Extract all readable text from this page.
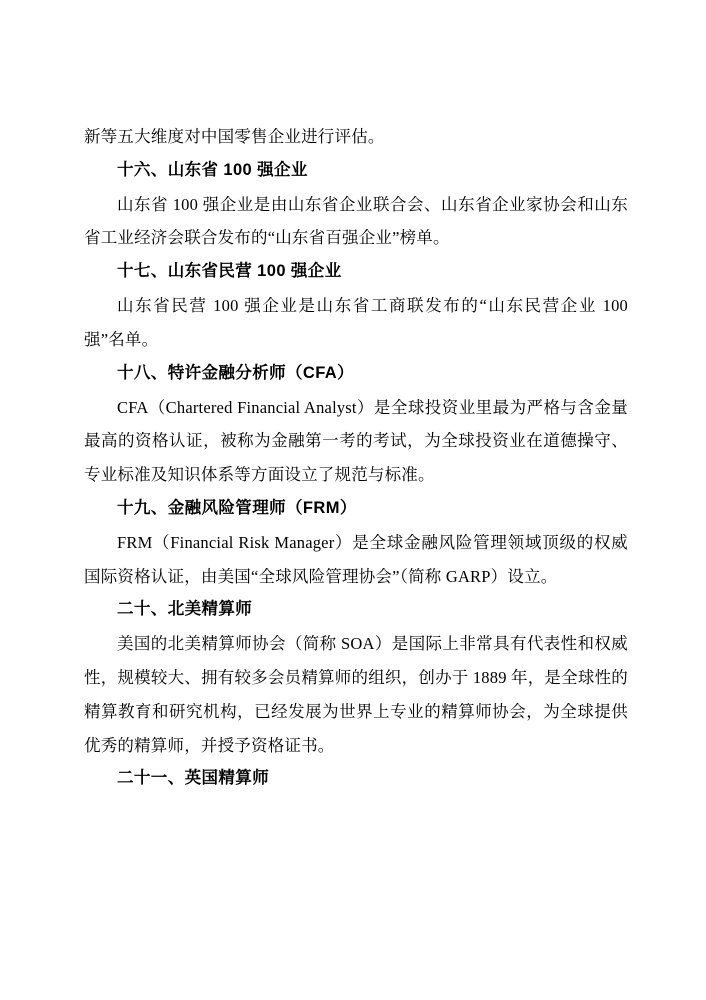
新等五大维度对中国零售企业进行评估。

十六、山东省 100 强企业

山东省 100 强企业是由山东省企业联合会、山东省企业家协会和山东省工业经济会联合发布的“山东省百强企业”榜单。

十七、山东省民营 100 强企业

山东省民营 100 强企业是山东省工商联发布的“山东民营企业 100 强”名单。

十八、特许金融分析师（CFA）

CFA（Chartered Financial Analyst）是全球投资业里最为严格与含金量最高的资格认证，被称为金融第一考的考试，为全球投资业在道德操守、专业标准及知识体系等方面设立了规范与标准。

十九、金融风险管理师（FRM）

FRM（Financial Risk Manager）是全球金融风险管理领域顶级的权威国际资格认证，由美国“全球风险管理协会”（简称 GARP）设立。

二十、北美精算师

美国的北美精算师协会（简称 SOA）是国际上非常具有代表性和权威性，规模较大、拥有较多会员精算师的组织，创办于 1889 年，是全球性的精算教育和研究机构，已经发展为世界上专业的精算师协会，为全球提供优秀的精算师，并授予资格证书。

二十一、英国精算师
